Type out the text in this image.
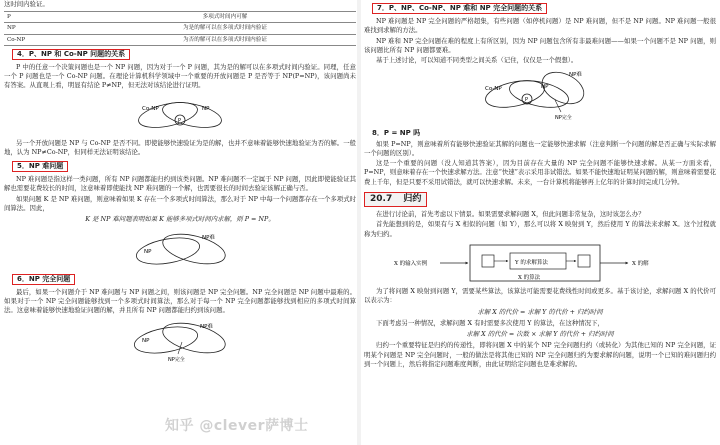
这时间内验证。

P	多项式时间内可解
NP	为是的解可以在多项式时间内验证
Co-NP	为否的解可以在多项式时间内验证
4．P、NP 和 Co-NP 问题的关系

P 中的任意一个决策问题也是一个 NP 问题，因为对于一个 P 问题，其为是的解可以在多项式时间内验证。同理，任意一个 P 问题也是一个 Co-NP 问题。在理论计算机科学领域中一个重要的开放问题是 P 是否等于 NP(P=NP)，该问题尚未有答案。从直观上看，明显有结论 P≠NP，但无法对该结论进行证明。

Co-NP	NP
P

另一个开放问题是 NP 与 Co-NP 是否不同。即使能够快速验证为是的解，也并不意味着能够快速地验证为否的解。一般地，认为 NP≠Co-NP，但同样无法证明该结论。

5．NP 难问题

NP 难问题是指这样一类问题，所有 NP 问题都能归约到该类问题。NP 难问题不一定属于 NP 问题，因此即使能验证其解也需要花费较长的时间，这意味着即使能找 NP 难问题的一个解，也需要很长的时间去验证该解正确与否。

如果问题 K 是 NP 难问题，则意味着如果 K 存在一个多项式时间算法，那么对于 NP 中每一个问题都存在一个多项式时间算法。因此，

K 是 NP 难问题表明如果 K 能够多项式时间内求解，则 P = NP。

NP
NP难
6．NP 完全问题

最后，如果一个问题介于 NP 难问题与 NP 问题之间，则该问题是 NP 完全问题。NP 完全问题是 NP 问题中最难的。如果对于一个 NP 完全问题能够找到一个多项式时间算法，那么对于每一个 NP 完全问题都能够找到相应的多项式时间算法。这意味着能够快速地验证问题的解，并且所有 NP 问题都能归约到该问题。

NP
NP难
NP完全
7．P、NP、Co-NP、NP 难和 NP 完全问题的关系

NP 难问题是 NP 完全问题的严格超集，有些问题（如停机问题）是 NP 难问题，但不是 NP 问题。NP 难问题一般很难找到求解的方法。

NP 难和 NP 完全问题在难的程度上有所区别，因为 NP 问题包含所有非最难问题——如果一个问题不是 NP 问题，则该问题比所有 NP 问题都要难。

基于上述讨论，可以知道不同类型之间关系（记住，仅仅是一个假想）。

Co-NP	NP
P
NP难
NP完全
8．P = NP 吗

如果 P=NP，则意味着所有能够快速验证其解的问题也一定能够快速求解（注意判断一个问题的解是否正确与实际求解一个问题的区别）。

这是一个重要的问题（没人知道其答案），因为目前存在大量的 NP 完全问题不能够快速求解。从某一方面来看，P=NP，则意味着存在一个快速求解方法。注意“快速”表示采用非试错法。如果不能快速地证明某问题的解，则意味着需要花费上千年，但是只要不采用试错法，就可以快速求解。未来，一台计算机将能够再上亿年的计算时间完成几分钟。

20.7 归约

在进行讨论前，首先考虑以下情景。如果需要求解问题 X，但此问题非常复杂，这时该怎么办？

首先能想到的是，如果有与 X 相似的问题（如 Y），那么可以将 X 映射到 Y，然后使用 Y 的算法来求解 X。这个过程就称为归约。

X 的输入实例	Y 的求解算法
X 的算法
X 的解

为了将问题 X 映射到问题 Y，需要某些算法，该算法可能需要花费线性时间或更多。基于该讨论，求解问题 X 的代价可以表示为：

求解 X 的代价 = 求解 Y 的代价 + 归约时间

下面考虑另一种情况，求解问题 X 有时需要多次使用 Y 的算法，在这种情况下，

求解 X 的代价 = 次数 × 求解 Y 的代价 + 归约时间

归约一个重要特征是归约的传递性，即将问题 X 中的某个 NP 完全问题归约（或转化）为其他已知的 NP 完全问题，证明某个问题是 NP 完全问题时，一般的做法是将其他已知的 NP 完全问题归约为要求解的问题，说明一个已知的难问题归约到一个问题上，然后将指定问题难度判断，由此证明给定问题也是难求解的。

知乎 @clever萨博士
